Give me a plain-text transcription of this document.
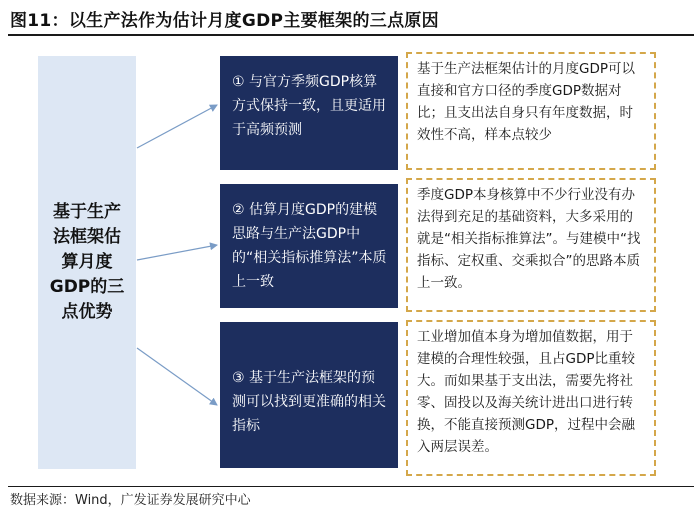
图11：以生产法作为估计月度GDP主要框架的三点原因
基于生产法框架估算月度GDP的三点优势
① 与官方季频GDP核算方式保持一致，且更适用于高频预测
② 估算月度GDP的建模思路与生产法GDP中的“相关指标推算法”本质上一致
③ 基于生产法框架的预测可以找到更准确的相关指标
基于生产法框架估计的月度GDP可以直接和官方口径的季度GDP数据对比；且支出法自身只有年度数据，时效性不高，样本点较少
季度GDP本身核算中不少行业没有办法得到充足的基础资料，大多采用的就是“相关指标推算法”。与建模中“找指标、定权重、交乘拟合”的思路本质上一致。
工业增加值本身为增加值数据，用于建模的合理性较强，且占GDP比重较大。而如果基于支出法，需要先将社零、固投以及海关统计进出口进行转换，不能直接预测GDP，过程中会融入两层误差。
数据来源：Wind，广发证券发展研究中心
